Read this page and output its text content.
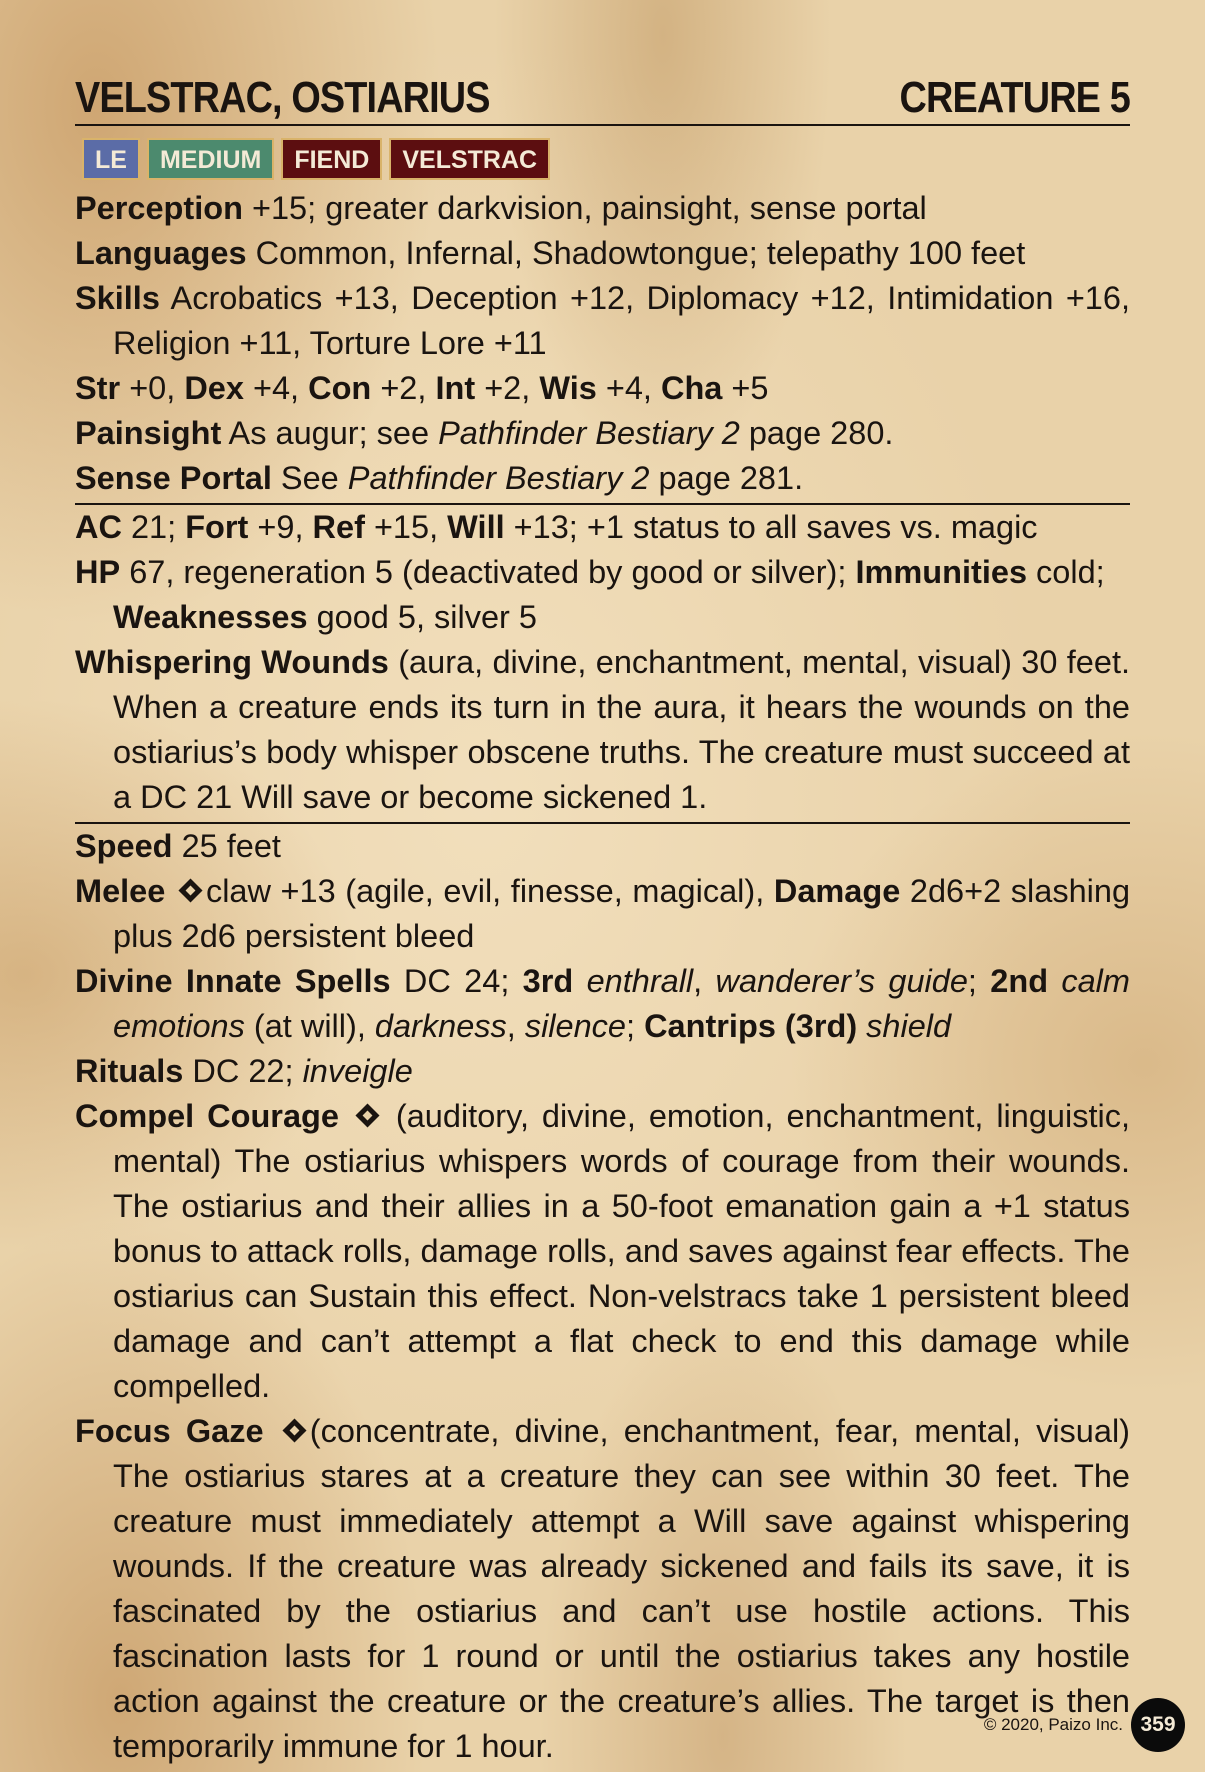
VELSTRAC, OSTIARIUS	CREATURE 5
LE	MEDIUM	FIEND	VELSTRAC

Perception +15; greater darkvision, painsight, sense portal

Languages Common, Infernal, Shadowtongue; telepathy 100 feet

Skills Acrobatics +13, Deception +12, Diplomacy +12, Intimidation +16, Religion +11, Torture Lore +11

Str +0, Dex +4, Con +2, Int +2, Wis +4, Cha +5

Painsight As augur; see Pathfinder Bestiary 2 page 280.

Sense Portal See Pathfinder Bestiary 2 page 281.

AC 21; Fort +9, Ref +15, Will +13; +1 status to all saves vs. magic

HP 67, regeneration 5 (deactivated by good or silver); Immunities cold; Weaknesses good 5, silver 5

Whispering Wounds (aura, divine, enchantment, mental, visual) 30 feet. When a creature ends its turn in the aura, it hears the wounds on the ostiarius’s body whisper obscene truths. The creature must succeed at a DC 21 Will save or become sickened 1.

Speed 25 feet

Melee claw +13 (agile, evil, finesse, magical), Damage 2d6+2 slashing plus 2d6 persistent bleed

Divine Innate Spells DC 24; 3rd enthrall, wanderer’s guide; 2nd calm emotions (at will), darkness, silence; Cantrips (3rd) shield

Rituals DC 22; inveigle

Compel Courage (auditory, divine, emotion, enchantment, linguistic, mental) The ostiarius whispers words of courage from their wounds. The ostiarius and their allies in a 50-foot emanation gain a +1 status bonus to attack rolls, damage rolls, and saves against fear effects. The ostiarius can Sustain this effect. Non-velstracs take 1 persistent bleed damage and can’t attempt a flat check to end this damage while compelled.

Focus Gaze (concentrate, divine, enchantment, fear, mental, visual) The ostiarius stares at a creature they can see within 30 feet. The creature must immediately attempt a Will save against whispering wounds. If the creature was already sickened and fails its save, it is fascinated by the ostiarius and can’t use hostile actions. This fascination lasts for 1 round or until the ostiarius takes any hostile action against the creature or the creature’s allies. The target is then temporarily immune for 1 hour.

© 2020, Paizo Inc. 359
